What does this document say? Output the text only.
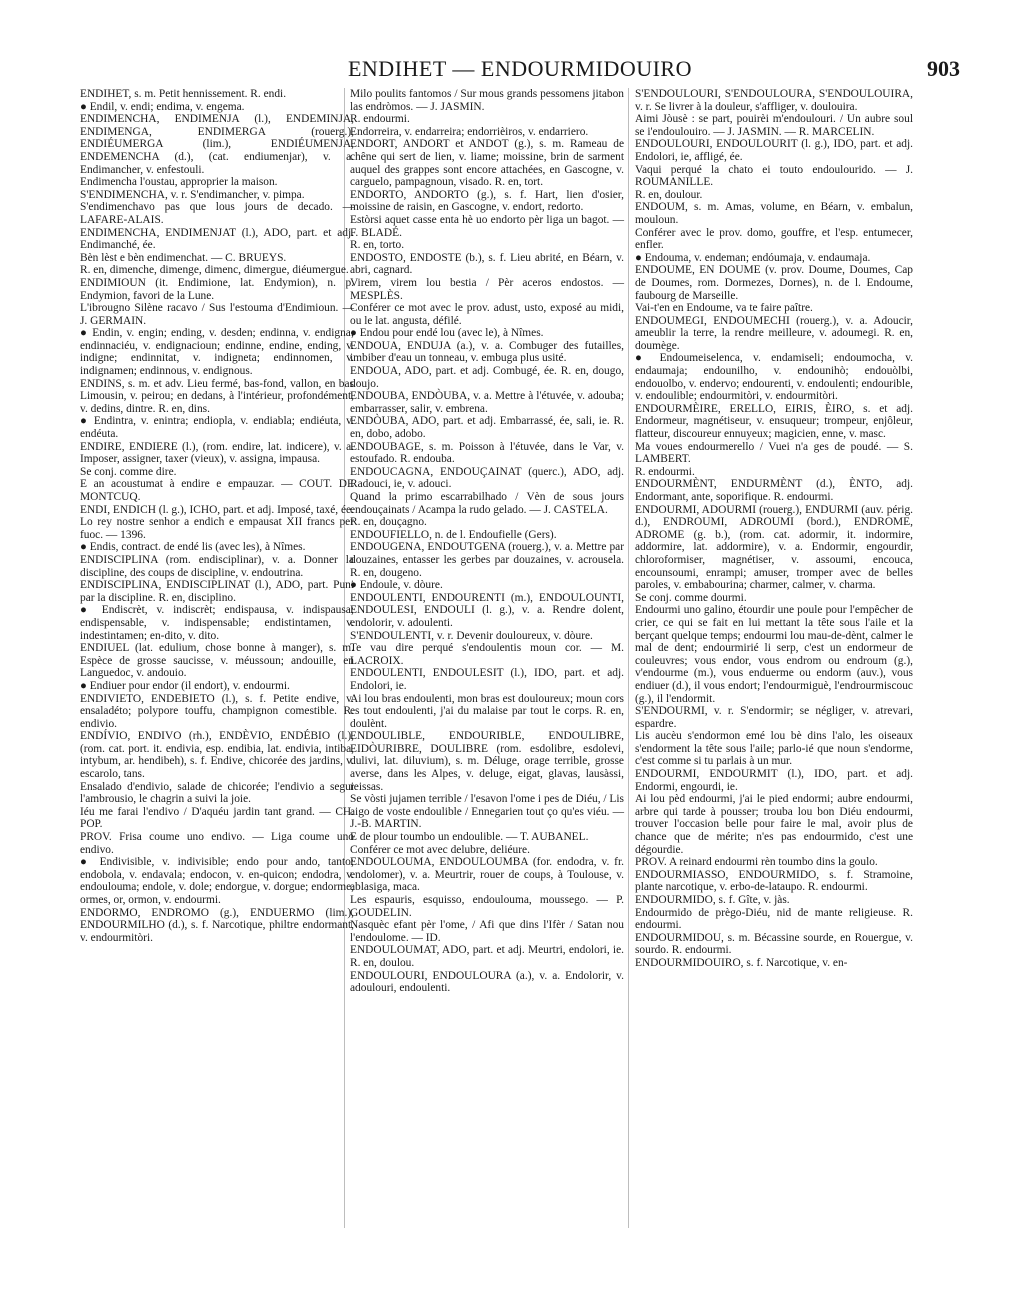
ENDIHET — ENDOURMIDOUIRO	903

ENDIHET, s. m. Petit hennissement. R. endi.

● Endil, v. endi; endima, v. engema.

ENDIMENCHA, ENDIMENJA (l.), ENDEMINJA, ENDIMENGA, ENDIMERGA (rouerg.), ENDIÉUMERGA (lim.), ENDIÉUMENJA, ENDEMENCHA (d.), (cat. endiumenjar), v. a. Endimancher, v. enfestouli.

Endimencha l'oustau, approprier la maison.

S'ENDIMENCHA, v. r. S'endimancher, v. pimpa.

S'endimenchavo pas que lous jours de decado. — LAFARE-ALAIS.

ENDIMENCHA, ENDIMENJAT (l.), ADO, part. et adj. Endimanché, ée.

Bèn lèst e bèn endimenchat. — C. BRUEYS.

R. en, dimenche, dimenge, dimenc, dimergue, diéumergue.

ENDIMIOUN (it. Endimione, lat. Endymion), n. p. Endymion, favori de la Lune.

L'ibrougno Silène racavo / Sus l'estouma d'Endimioun. — J. GERMAIN.

● Endin, v. engin; ending, v. desden; endinna, v. endigna; endinnaciéu, v. endignacioun; endinne, endine, ending, v. indigne; endinnitat, v. indigneta; endinnomen, v. indignamen; endinnous, v. endignous.

ENDINS, s. m. et adv. Lieu fermé, bas-fond, vallon, en bas Limousin, v. peirou; en dedans, à l'intérieur, profondément, v. dedins, dintre. R. en, dins.

● Endintra, v. enintra; endiopla, v. endiabla; endiéuta, v. endéuta.

ENDIRE, ENDIERE (l.), (rom. endire, lat. indicere), v. a. Imposer, assigner, taxer (vieux), v. assigna, impausa.

Se conj. comme dire.

E an acoustumat à endire e empauzar. — COUT. DE MONTCUQ.

ENDI, ENDICH (l. g.), ICHO, part. et adj. Imposé, taxé, ée.

Lo rey nostre senhor a endich e empausat XII francs per fuoc. — 1396.

● Endis, contract. de endé lis (avec les), à Nîmes.

ENDISCIPLINA (rom. endisciplinar), v. a. Donner la discipline, des coups de discipline, v. endoutrina.

ENDISCIPLINA, ENDISCIPLINAT (l.), ADO, part. Puni par la discipline. R. en, disciplino.

● Endiscrèt, v. indiscrèt; endispausa, v. indispausa; endispensable, v. indispensable; endistintamen, v. indestintamen; en-dito, v. dito.

ENDIUEL (lat. edulium, chose bonne à manger), s. m. Espèce de grosse saucisse, v. méussoun; andouille, en Languedoc, v. andouio.

● Endiuer pour endor (il endort), v. endourmi.

ENDIVIETO, ENDEBIETO (l.), s. f. Petite endive, v. ensaladéto; polypore touffu, champignon comestible. R. endivio.

ENDÍVIO, ENDIVO (rh.), ENDÈVIO, ENDÉBIO (l.), (rom. cat. port. it. endivia, esp. endibia, lat. endivia, intiba, intybum, ar. hendibeh), s. f. Endive, chicorée des jardins, v. escarolo, tans.

Ensalado d'endivio, salade de chicorée; l'endivio a segui l'ambrousio, le chagrin a suivi la joie.

Iéu me farai l'endivo / D'aquéu jardin tant grand. — CH. POP.

PROV. Frisa coume uno endivo. — Liga coume uno endivo.

● Endivisible, v. indivisible; endo pour ando, tanto; endobola, v. endavala; endocon, v. en-quicon; endodra, v. endoulouma; endole, v. dole; endorgue, v. dorgue; endorme, ormes, or, ormon, v. endourmi.

ENDORMO, ENDROMO (g.), ENDUERMO (lim.), ENDOURMILHO (d.), s. f. Narcotique, philtre endormant, v. endourmitòri.

Milo poulits fantomos / Sur mous grands pessomens jitabon las endròmos. — J. JASMIN.

R. endourmi.

Endorreira, v. endarreira; endorrièiros, v. endarriero.

ENDORT, ANDORT et ANDOT (g.), s. m. Rameau de chêne qui sert de lien, v. liame; moissine, brin de sarment auquel des grappes sont encore attachées, en Gascogne, v. carguelo, pampagnoun, visado. R. en, tort.

ENDORTO, ANDORTO (g.), s. f. Hart, lien d'osier, moissine de raisin, en Gascogne, v. endort, redorto.

Estòrsi aquet casse enta hè uo endorto pèr liga un bagot. — F. BLADÉ.

R. en, torto.

ENDOSTO, ENDOSTE (b.), s. f. Lieu abrité, en Béarn, v. abri, cagnard.

Virem, virem lou bestia / Pèr aceros endostos. — MESPLÈS.

Conférer ce mot avec le prov. adust, usto, exposé au midi, ou le lat. angusta, défilé.

● Endou pour endé lou (avec le), à Nîmes.

ENDOUA, ENDUJA (a.), v. a. Combuger des futailles, imbiber d'eau un tonneau, v. embuga plus usité.

ENDOUA, ADO, part. et adj. Combugé, ée. R. en, dougo, doujo.

ENDOUBA, ENDÒUBA, v. a. Mettre à l'étuvée, v. adouba; embarrasser, salir, v. embrena.

ENDÒUBA, ADO, part. et adj. Embarrassé, ée, sali, ie. R. en, dobo, adobo.

ENDOUBAGE, s. m. Poisson à l'étuvée, dans le Var, v. estoufado. R. endouba.

ENDOUCAGNA, ENDOUÇAINAT (querc.), ADO, adj. Radouci, ie, v. adouci.

Quand la primo escarrabilhado / Vèn de sous jours endouçainats / Acampa la rudo gelado. — J. CASTELA.

R. en, douçagno.

ENDOUFIELLO, n. de l. Endoufielle (Gers).

ENDOUGENA, ENDOUTGENA (rouerg.), v. a. Mettre par douzaines, entasser les gerbes par douzaines, v. acrousela. R. en, dougeno.

● Endoule, v. dòure.

ENDOULENTI, ENDOURENTI (m.), ENDOULOUNTI, ENDOULESI, ENDOULI (l. g.), v. a. Rendre dolent, endolorir, v. adoulenti.

S'ENDOULENTI, v. r. Devenir douloureux, v. dòure.

Te vau dire perqué s'endoulentis moun cor. — M. LACROIX.

ENDOULENTI, ENDOULESIT (l.), IDO, part. et adj. Endolori, ie.

Ai lou bras endoulenti, mon bras est douloureux; moun cors es tout endoulenti, j'ai du malaise par tout le corps. R. en, doulènt.

ENDOULIBLE, ENDOURIBLE, ENDOULIBRE, EIDÒURIBRE, DOULIBRE (rom. esdolibre, esdolevi, dulivi, lat. diluvium), s. m. Déluge, orage terrible, grosse averse, dans les Alpes, v. deluge, eigat, glavas, lausàssi, reissas.

Se vòsti jujamen terrible / l'esavon l'ome i pes de Diéu, / Lis aigo de voste endoulible / Ennegarien tout ço qu'es viéu. — J.-B. MARTIN.

E de plour toumbo un endoulible. — T. AUBANEL.

Conférer ce mot avec delubre, deliéure.

ENDOULOUMA, ENDOULOUMBA (for. endodra, v. fr. endolomer), v. a. Meurtrir, rouer de coups, à Toulouse, v. ablasiga, maca.

Les espauris, esquisso, endoulouma, moussego. — P. GOUDELIN.

Nasquèc efant pèr l'ome, / Afi que dins l'Ifèr / Satan nou l'endoulome. — ID.

ENDOULOUMAT, ADO, part. et adj. Meurtri, endolori, ie. R. en, doulou.

ENDOULOURI, ENDOULOURA (a.), v. a. Endolorir, v. adoulouri, endoulenti.

S'ENDOULOURI, S'ENDOULOURA, S'ENDOULOUIRA, v. r. Se livrer à la douleur, s'affliger, v. doulouira.

Aimi Jòusè : se part, pouirèi m'endoulouri. / Un aubre soul se i'endoulouiro. — J. JASMIN. — R. MARCELIN.

ENDOULOURI, ENDOULOURIT (l. g.), IDO, part. et adj. Endolori, ie, affligé, ée.

Vaqui perqué la chato ei touto endoulourido. — J. ROUMANILLE.

R. en, doulour.

ENDOUM, s. m. Amas, volume, en Béarn, v. embalun, mouloun.

Conférer avec le prov. domo, gouffre, et l'esp. entumecer, enfler.

● Endouma, v. endeman; endóumaja, v. endaumaja.

ENDOUME, EN DOUME (v. prov. Doume, Doumes, Cap de Doumes, rom. Dormezes, Dornes), n. de l. Endoume, faubourg de Marseille.

Vai-t'en en Endoume, va te faire paître.

ENDOUMEGI, ENDOUMECHI (rouerg.), v. a. Adoucir, ameublir la terre, la rendre meilleure, v. adoumegi. R. en, doumège.

● Endoumeiselenca, v. endamiseli; endoumocha, v. endaumaja; endounilho, v. endounihò; endouòlbi, endouolbo, v. endervo; endourenti, v. endoulenti; endourible, v. endoulible; endourmitòri, v. endourmitòri.

ENDOURMÈIRE, ERELLO, EIRIS, ÈIRO, s. et adj. Endormeur, magnétiseur, v. ensuqueur; trompeur, enjôleur, flatteur, discoureur ennuyeux; magicien, enne, v. masc.

Ma voues endourmerello / Vuei n'a ges de poudé. — S. LAMBERT.

R. endourmi.

ENDOURMÈNT, ENDURMÈNT (d.), ÈNTO, adj. Endormant, ante, soporifique. R. endourmi.

ENDOURMI, ADOURMI (rouerg.), ENDURMI (auv. périg. d.), ENDROUMI, ADROUMI (bord.), ENDROME, ADROME (g. b.), (rom. cat. adormir, it. indormire, addormire, lat. addormire), v. a. Endormir, engourdir, chloroformiser, magnétiser, v. assoumi, encouca, encounsoumi, enrampi; amuser, tromper avec de belles paroles, v. embabourina; charmer, calmer, v. charma.

Se conj. comme dourmi.

Endourmi uno galino, étourdir une poule pour l'empêcher de crier, ce qui se fait en lui mettant la tête sous l'aile et la berçant quelque temps; endourmi lou mau-de-dènt, calmer le mal de dent; endourmirié li serp, c'est un endormeur de couleuvres; vous endor, vous endrom ou endroum (g.), v'endourme (m.), vous enduerme ou endorm (auv.), vous endiuer (d.), il vous endort; l'endourmiguè, l'endrourmiscouc (g.), il l'endormit.

S'ENDOURMI, v. r. S'endormir; se négliger, v. atrevari, espardre.

Lis aucèu s'endormon emé lou bè dins l'alo, les oiseaux s'endorment la tête sous l'aile; parlo-ié que noun s'endorme, c'est comme si tu parlais à un mur.

ENDOURMI, ENDOURMIT (l.), IDO, part. et adj. Endormi, engourdi, ie.

Ai lou pèd endourmi, j'ai le pied endormi; aubre endourmi, arbre qui tarde à pousser; trouba lou bon Diéu endourmi, trouver l'occasion belle pour faire le mal, avoir plus de chance que de mérite; n'es pas endourmido, c'est une dégourdie.

PROV. A reinard endourmi rèn toumbo dins la goulo.

ENDOURMIASSO, ENDOURMIDO, s. f. Stramoine, plante narcotique, v. erbo-de-lataupo. R. endourmi.

ENDOURMIDO, s. f. Gîte, v. jàs.

Endourmido de prègo-Diéu, nid de mante religieuse. R. endourmi.

ENDOURMIDOU, s. m. Bécassine sourde, en Rouergue, v. sourdo. R. endourmi.

ENDOURMIDOUIRO, s. f. Narcotique, v. en-
